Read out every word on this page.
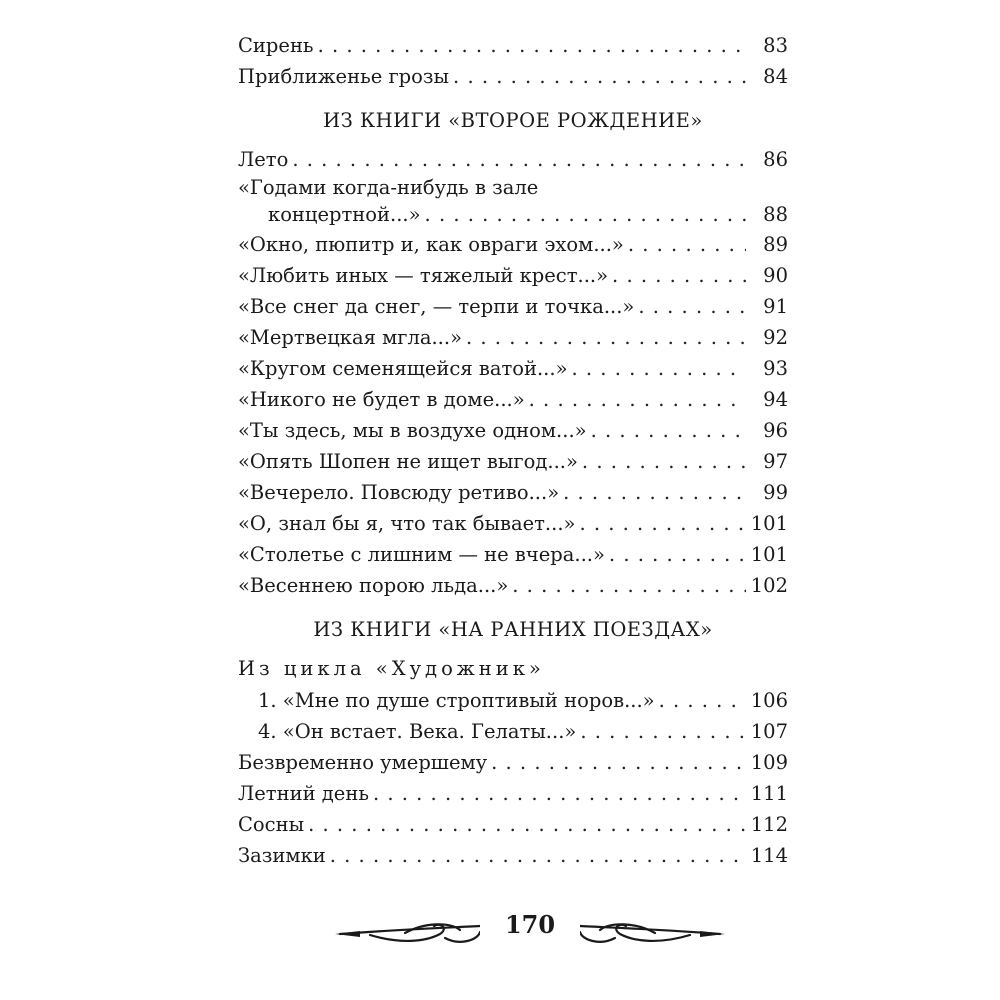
Сирень . . .	83
Приближенье грозы . . .	84
ИЗ КНИГИ «ВТОРОЕ РОЖДЕНИЕ»
Лето . . .	86
«Годами когда-нибудь в зале
концертной...» . . .	88
«Окно, пюпитр и, как овраги эхом...» . . .	89
«Любить иных — тяжелый крест...» . . .	90
«Все снег да снег, — терпи и точка...» . . .	91
«Мертвецкая мгла...» . . .	92
«Кругом семенящейся ватой...» . . .	93
«Никого не будет в доме...» . . .	94
«Ты здесь, мы в воздухе одном...» . . .	96
«Опять Шопен не ищет выгод...» . . .	97
«Вечерело. Повсюду ретиво...» . . .	99
«О, знал бы я, что так бывает...» . . .	101
«Столетье с лишним — не вчера...» . . .	101
«Весеннею порою льда...» . . .	102
ИЗ КНИГИ «НА РАННИХ ПОЕЗДАХ»
Из цикла «Художник»
1. «Мне по душе строптивый норов...» . . .	106
4. «Он встает. Века. Гелаты...» . . .	107
Безвременно умершему . . .	109
Летний день . . .	111
Сосны . . .	112
Зазимки . . .	114
170
